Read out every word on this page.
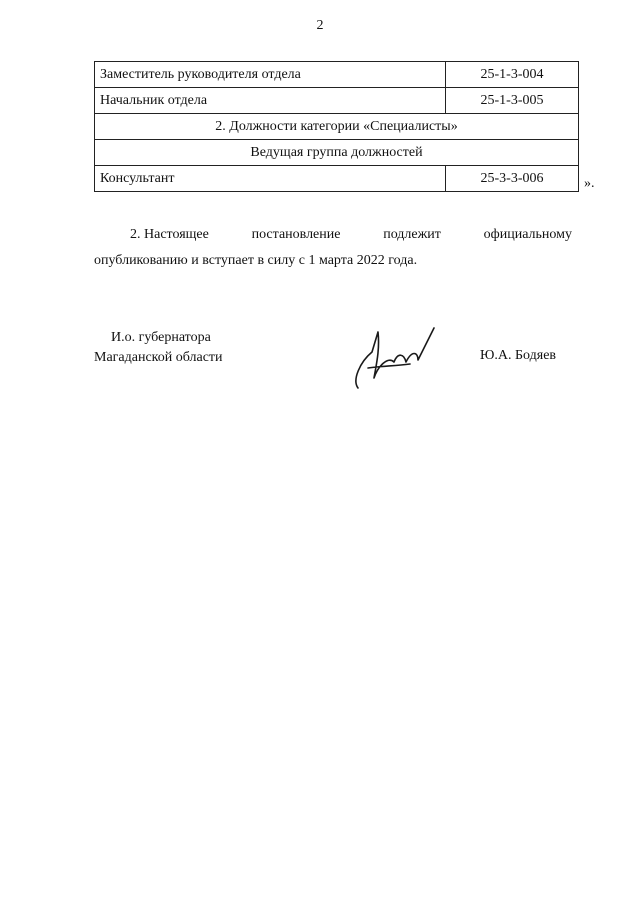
2
Заместитель руководителя отдела	25-1-3-004
Начальник отдела	25-1-3-005
2. Должности категории «Специалисты»	
Ведущая группа должностей	
Консультант	25-3-3-006	».
2. Настоящее	постановление	подлежит	официальному
опубликованию и вступает в силу с 1 марта 2022 года.
И.о. губернатора
Магаданской области	Ю.А. Бодяев
